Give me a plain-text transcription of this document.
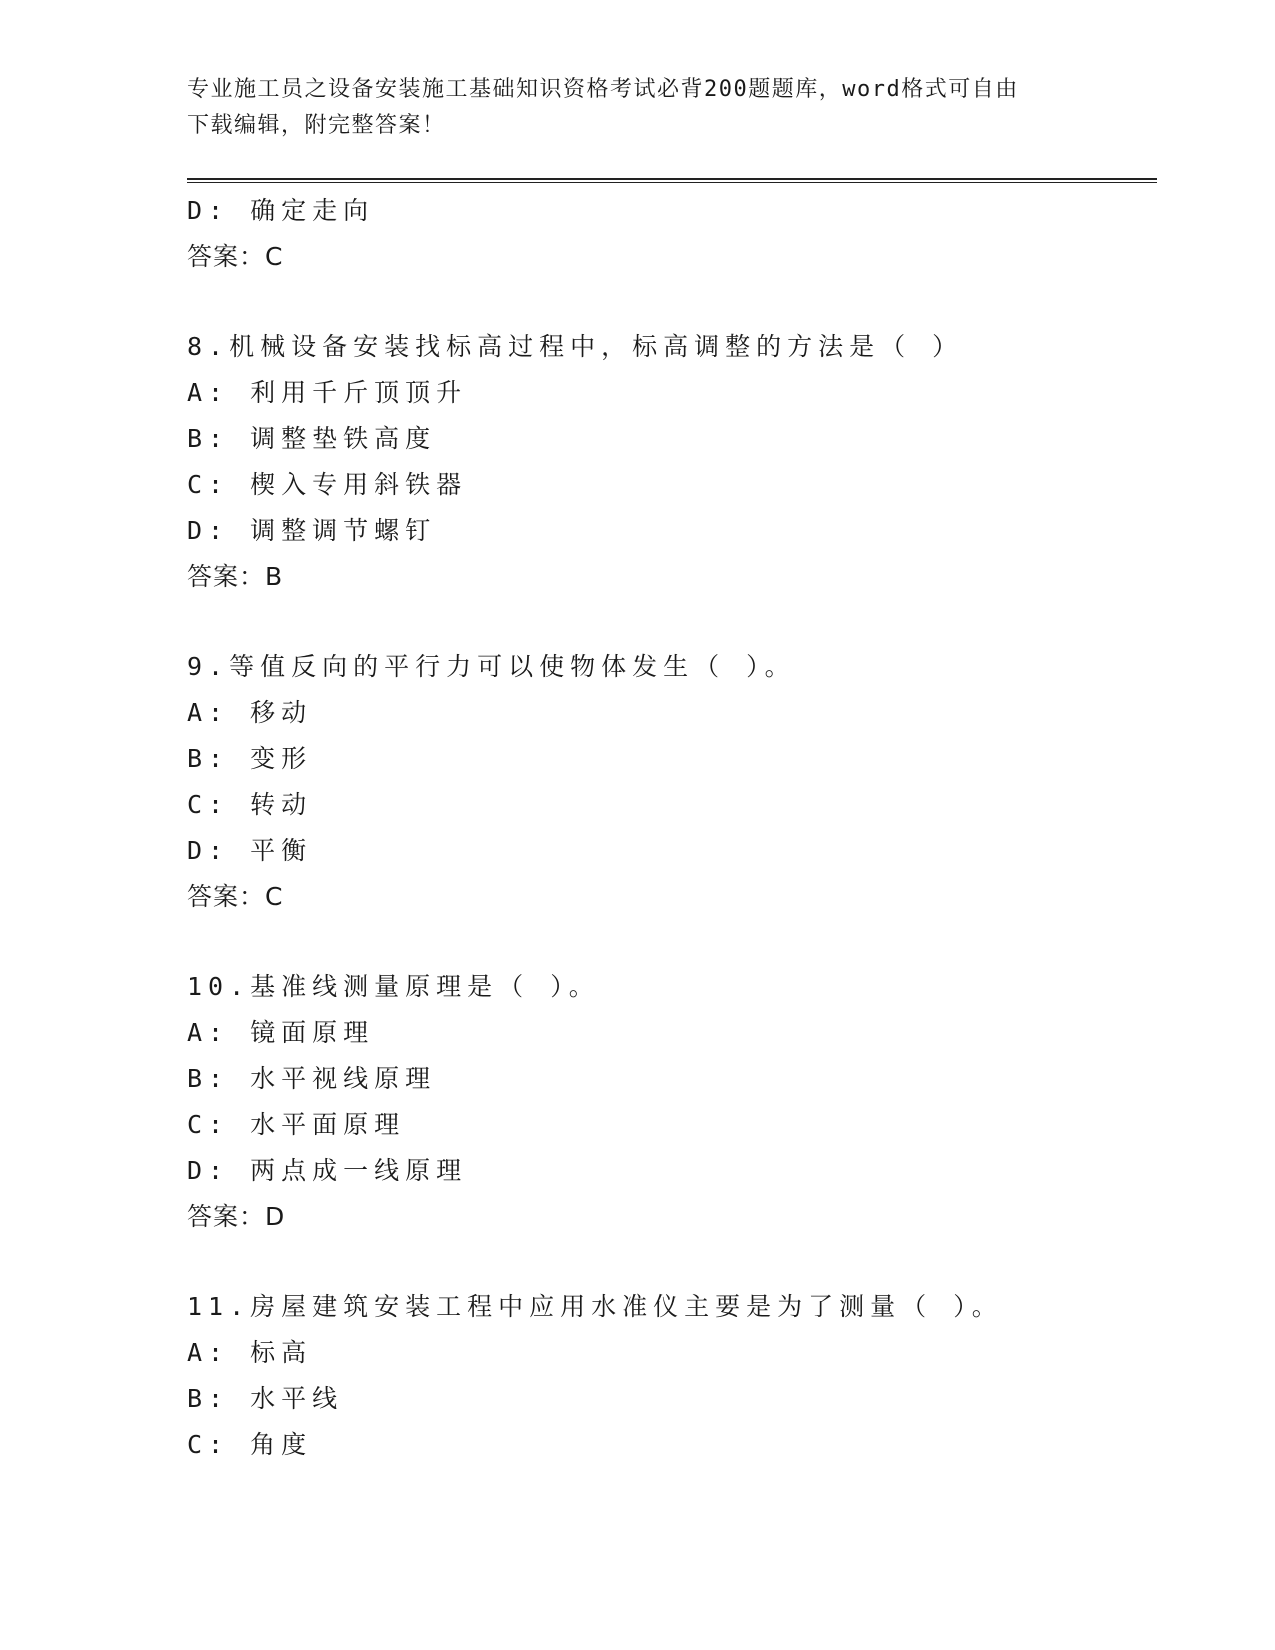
专业施工员之设备安装施工基础知识资格考试必背200题题库，word格式可自由
下载编辑，附完整答案！
D: 确定走向
答案：C
8.机械设备安装找标高过程中，标高调整的方法是（ ）
A: 利用千斤顶顶升
B: 调整垫铁高度
C: 楔入专用斜铁器
D: 调整调节螺钉
答案：B
9.等值反向的平行力可以使物体发生（ ）。
A: 移动
B: 变形
C: 转动
D: 平衡
答案：C
10.基准线测量原理是（ ）。
A: 镜面原理
B: 水平视线原理
C: 水平面原理
D: 两点成一线原理
答案：D
11.房屋建筑安装工程中应用水准仪主要是为了测量（ ）。
A: 标高
B: 水平线
C: 角度
